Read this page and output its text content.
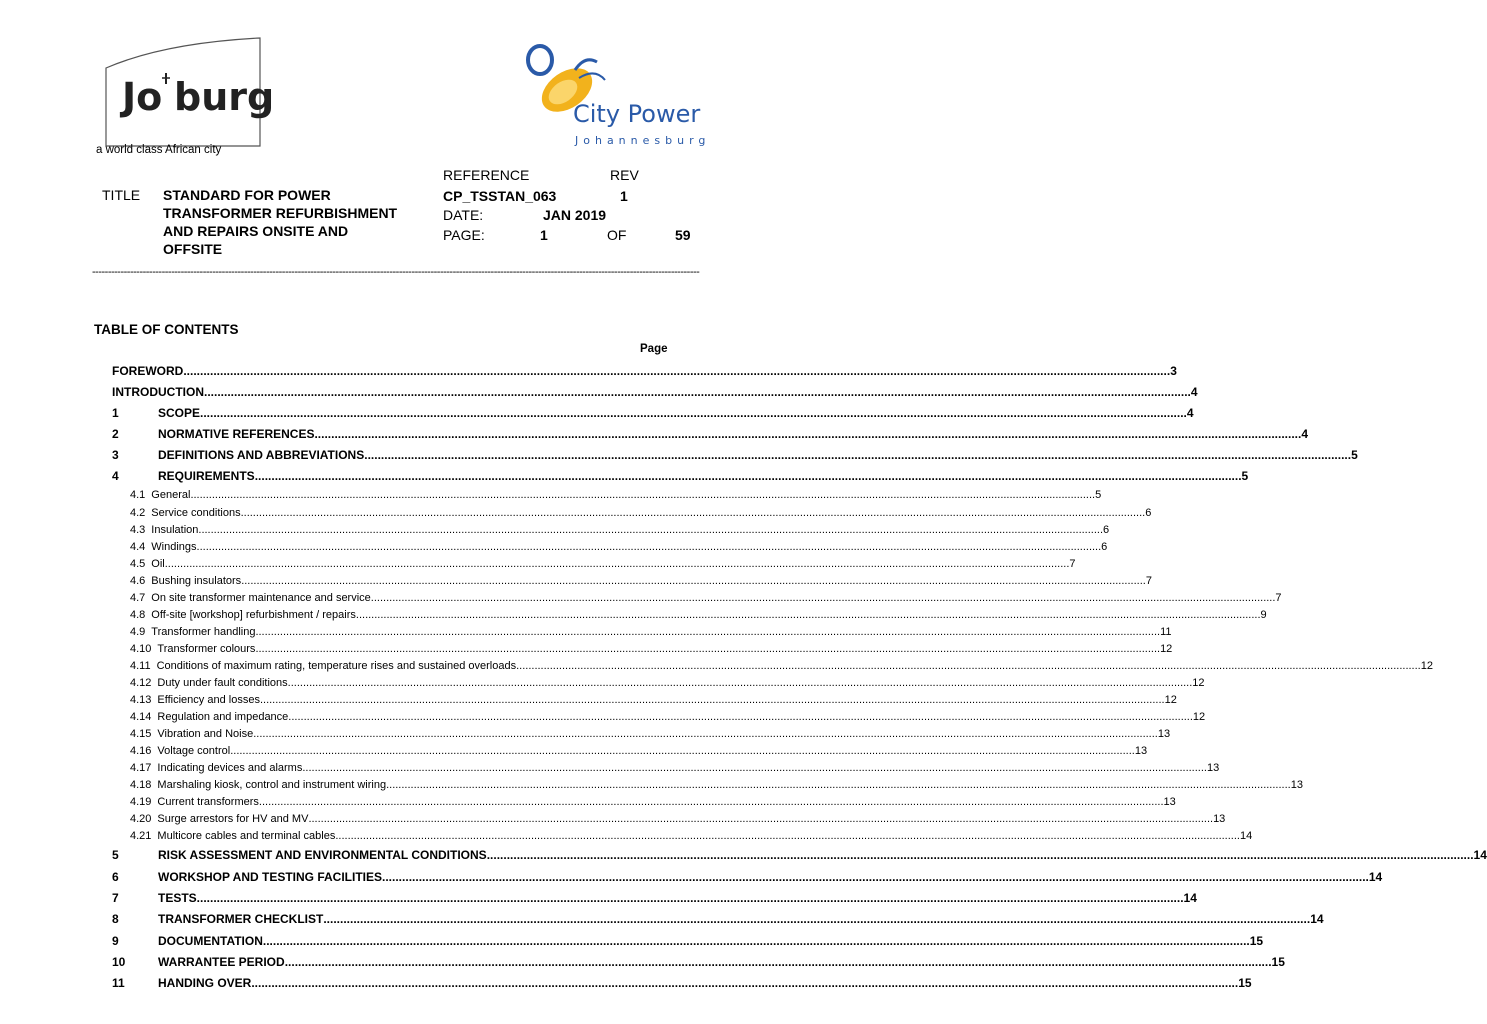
Jo burg
a world class African city
City Power
Johannesburg
TITLE STANDARD FOR POWER
TRANSFORMER REFURBISHMENT
AND REPAIRS ONSITE AND
OFFSITE
REFERENCE	REV
CP_TSSTAN_063	1
DATE:	JAN 2019
PAGE:	1	OF	59
------------------------------------------------------------------------------------------------------------------------------------------------------------------------------------------------
TABLE OF CONTENTS
Page
FOREWORD .....	3
INTRODUCTION .....	4
1	SCOPE .....	4
2	NORMATIVE REFERENCES .....	4
3	DEFINITIONS AND ABBREVIATIONS .....	5
4	REQUIREMENTS .....	5
4.1 General .....	5
4.2 Service conditions .....	6
4.3 Insulation .....	6
4.4 Windings .....	6
4.5 Oil .....	7
4.6 Bushing insulators .....	7
4.7 On site transformer maintenance and service .....	7
4.8 Off-site [workshop] refurbishment / repairs .....	9
4.9 Transformer handling .....	11
4.10 Transformer colours .....	12
4.11 Conditions of maximum rating, temperature rises and sustained overloads .....	12
4.12 Duty under fault conditions .....	12
4.13 Efficiency and losses .....	12
4.14 Regulation and impedance .....	12
4.15 Vibration and Noise .....	13
4.16 Voltage control .....	13
4.17 Indicating devices and alarms .....	13
4.18 Marshaling kiosk, control and instrument wiring .....	13
4.19 Current transformers .....	13
4.20 Surge arrestors for HV and MV .....	13
4.21 Multicore cables and terminal cables .....	14
5	RISK ASSESSMENT AND ENVIRONMENTAL CONDITIONS .....	14
6	WORKSHOP AND TESTING FACILITIES .....	14
7	TESTS .....	14
8	TRANSFORMER CHECKLIST .....	14
9	DOCUMENTATION .....	15
10	WARRANTEE PERIOD .....	15
11	HANDING OVER .....	15
